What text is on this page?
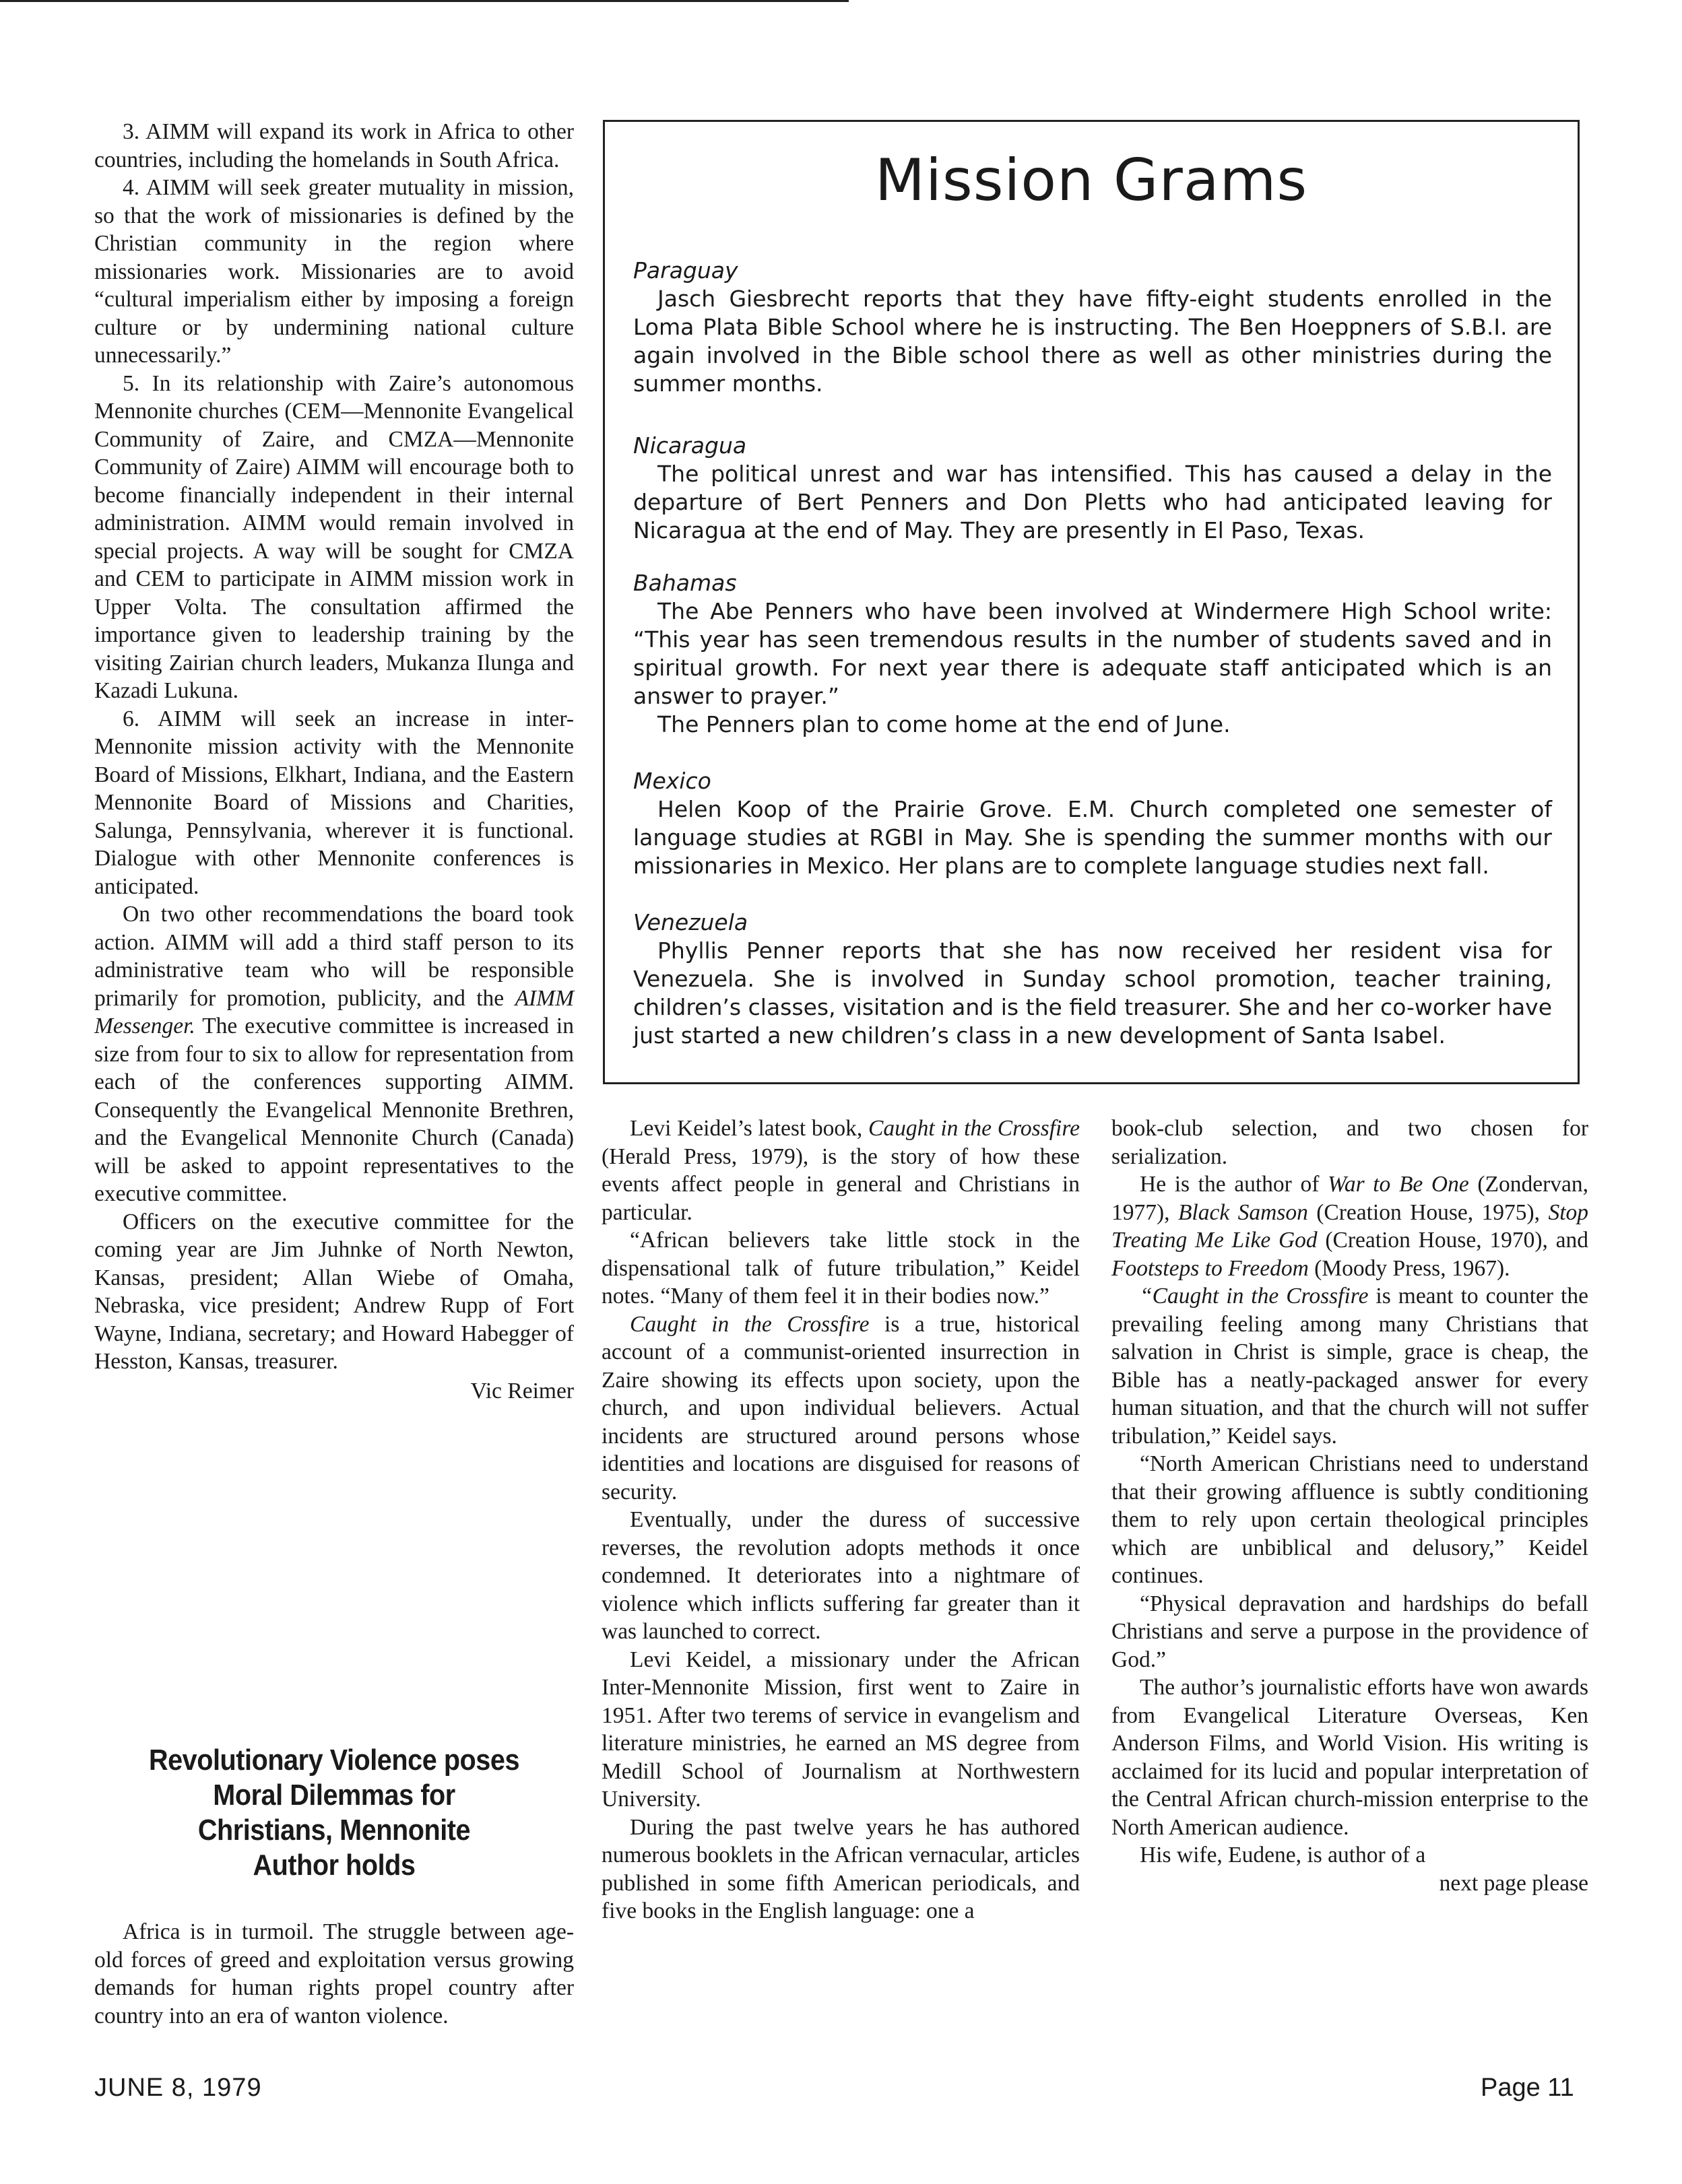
3. AIMM will expand its work in Africa to other countries, including the homelands in South Africa.

4. AIMM will seek greater mutuality in mission, so that the work of missionaries is defined by the Christian community in the region where missionaries work. Missionaries are to avoid “cultural imperialism either by imposing a foreign culture or by undermining national culture unnecessarily.”

5. In its relationship with Zaire’s autonomous Mennonite churches (CEM—Mennonite Evangelical Community of Zaire, and CMZA—Mennonite Community of Zaire) AIMM will encourage both to become financially independent in their internal administration. AIMM would remain involved in special projects. A way will be sought for CMZA and CEM to participate in AIMM mission work in Upper Volta. The consultation affirmed the importance given to leadership training by the visiting Zairian church leaders, Mukanza Ilunga and Kazadi Lukuna.

6. AIMM will seek an increase in inter-Mennonite mission activity with the Mennonite Board of Missions, Elkhart, Indiana, and the Eastern Mennonite Board of Missions and Charities, Salunga, Pennsylvania, wherever it is functional. Dialogue with other Mennonite conferences is anticipated.

On two other recommendations the board took action. AIMM will add a third staff person to its administrative team who will be responsible primarily for promotion, publicity, and the AIMM Messenger. The executive committee is increased in size from four to six to allow for representation from each of the conferences supporting AIMM. Consequently the Evangelical Mennonite Brethren, and the Evangelical Mennonite Church (Canada) will be asked to appoint representatives to the executive committee.

Officers on the executive committee for the coming year are Jim Juhnke of North Newton, Kansas, president; Allan Wiebe of Omaha, Nebraska, vice president; Andrew Rupp of Fort Wayne, Indiana, secretary; and Howard Habegger of Hesston, Kansas, treasurer.

Vic Reimer

Revolutionary Violence poses
Moral Dilemmas for
Christians, Mennonite
Author holds

Africa is in turmoil. The struggle between age-old forces of greed and exploitation versus growing demands for human rights propel country after country into an era of wanton violence.

Mission Grams
Paraguay

Jasch Giesbrecht reports that they have fifty-eight students enrolled in the Loma Plata Bible School where he is instructing. The Ben Hoeppners of S.B.I. are again involved in the Bible school there as well as other ministries during the summer months.

Nicaragua

The political unrest and war has intensified. This has caused a delay in the departure of Bert Penners and Don Pletts who had anticipated leaving for Nicaragua at the end of May. They are presently in El Paso, Texas.

Bahamas

The Abe Penners who have been involved at Windermere High School write: “This year has seen tremendous results in the number of students saved and in spiritual growth. For next year there is adequate staff anticipated which is an answer to prayer.”

The Penners plan to come home at the end of June.

Mexico

Helen Koop of the Prairie Grove. E.M. Church completed one semester of language studies at RGBI in May. She is spending the summer months with our missionaries in Mexico. Her plans are to complete language studies next fall.

Venezuela

Phyllis Penner reports that she has now received her resident visa for Venezuela. She is involved in Sunday school promotion, teacher training, children’s classes, visitation and is the field treasurer. She and her co-worker have just started a new children’s class in a new development of Santa Isabel.

Levi Keidel’s latest book, Caught in the Crossfire (Herald Press, 1979), is the story of how these events affect people in general and Christians in particular.

“African believers take little stock in the dispensational talk of future tribulation,” Keidel notes. “Many of them feel it in their bodies now.”

Caught in the Crossfire is a true, historical account of a communist-oriented insurrection in Zaire showing its effects upon society, upon the church, and upon individual believers. Actual incidents are structured around persons whose identities and locations are disguised for reasons of security.

Eventually, under the duress of successive reverses, the revolution adopts methods it once condemned. It deteriorates into a nightmare of violence which inflicts suffering far greater than it was launched to correct.

Levi Keidel, a missionary under the African Inter-Mennonite Mission, first went to Zaire in 1951. After two terems of service in evangelism and literature ministries, he earned an MS degree from Medill School of Journalism at Northwestern University.

During the past twelve years he has authored numerous booklets in the African vernacular, articles published in some fifth American periodicals, and five books in the English language: one a

book-club selection, and two chosen for serialization.

He is the author of War to Be One (Zondervan, 1977), Black Samson (Creation House, 1975), Stop Treating Me Like God (Creation House, 1970), and Footsteps to Freedom (Moody Press, 1967).

“Caught in the Crossfire is meant to counter the prevailing feeling among many Christians that salvation in Christ is simple, grace is cheap, the Bible has a neatly-packaged answer for every human situation, and that the church will not suffer tribulation,” Keidel says.

“North American Christians need to understand that their growing affluence is subtly conditioning them to rely upon certain theological principles which are unbiblical and delusory,” Keidel continues.

“Physical depravation and hardships do befall Christians and serve a purpose in the providence of God.”

The author’s journalistic efforts have won awards from Evangelical Literature Overseas, Ken Anderson Films, and World Vision. His writing is acclaimed for its lucid and popular interpretation of the Central African church-mission enterprise to the North American audience.

His wife, Eudene, is author of a

next page please

JUNE 8, 1979	Page 11
